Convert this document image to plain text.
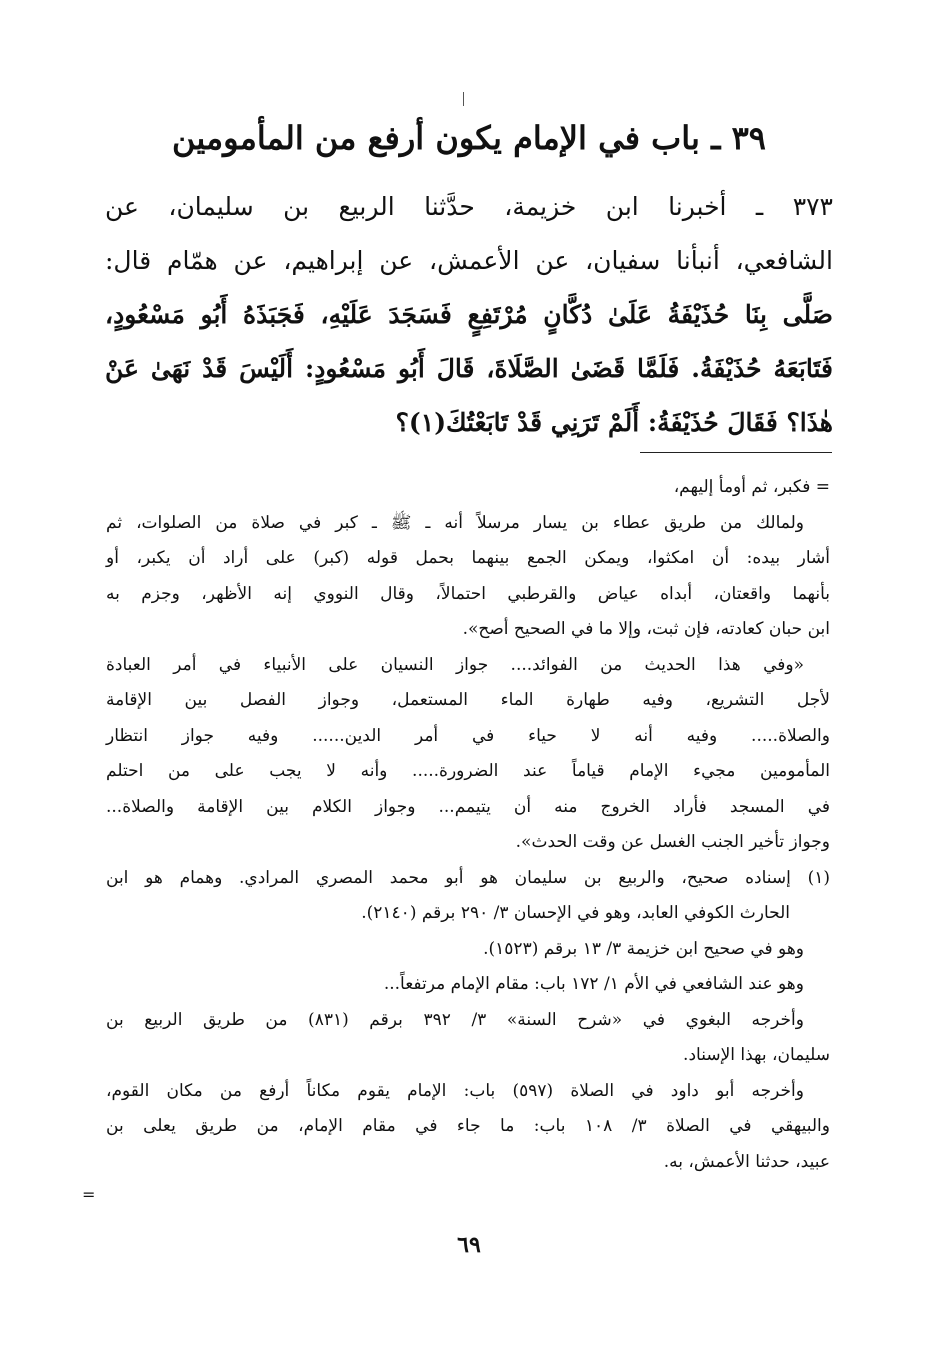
٣٩ ـ باب في الإمام يكون أرفع من المأمومين
٣٧٣ ـ أخبرنا ابن خزيمة، حدَّثنا الربيع بن سليمان، عن
الشافعي، أنبأنا سفيان، عن الأعمش، عن إبراهيم، عن همّام قال:
صَلَّى بِنَا حُذَيْفَةُ عَلَىٰ دُكَّانٍ مُرْتَفِعٍ فَسَجَدَ عَلَيْهِ، فَجَبَذَهُ أَبُو مَسْعُودٍ،
فَتَابَعَهُ حُذَيْفَةُ. فَلَمَّا قَضَىٰ الصَّلَاةَ، قَالَ أَبُو مَسْعُودٍ: أَلَيْسَ قَدْ نَهَىٰ عَنْ
هٰذَا؟ فَقَالَ حُذَيْفَةُ: أَلَمْ تَرَنِي قَدْ تَابَعْتُكَ(١)؟
= فكبر، ثم أومأ إليهم،
ولمالك من طريق عطاء بن يسار مرسلاً أنه ـ ﷺ ـ كبر في صلاة من الصلوات، ثم
أشار بيده: أن امكثوا، ويمكن الجمع بينهما بحمل قوله (كبر) على أراد أن يكبر، أو
بأنهما واقعتان، أبداه عياض والقرطبي احتمالاً، وقال النووي إنه الأظهر، وجزم به
ابن حبان كعادته، فإن ثبت، وإلا ما في الصحيح أصح».
«وفي هذا الحديث من الفوائد.... جواز النسيان على الأنبياء في أمر العبادة
لأجل التشريع، وفيه طهارة الماء المستعمل، وجواز الفصل بين الإقامة
والصلاة..... وفيه أنه لا حياء في أمر الدين...... وفيه جواز انتظار
المأمومين مجيء الإمام قياماً عند الضرورة..... وأنه لا يجب على من احتلم
في المسجد فأراد الخروج منه أن يتيمم... وجواز الكلام بين الإقامة والصلاة...
وجواز تأخير الجنب الغسل عن وقت الحدث».
(١) إسناده صحيح، والربيع بن سليمان هو أبو محمد المصري المرادي. وهمام هو ابن
الحارث الكوفي العابد، وهو في الإحسان ٣/ ٢٩٠ برقم (٢١٤٠).
وهو في صحيح ابن خزيمة ٣/ ١٣ برقم (١٥٢٣).
وهو عند الشافعي في الأم ١/ ١٧٢ باب: مقام الإمام مرتفعاً...
وأخرجه البغوي في «شرح السنة» ٣/ ٣٩٢ برقم (٨٣١) من طريق الربيع بن
سليمان، بهذا الإسناد.
وأخرجه أبو داود في الصلاة (٥٩٧) باب: الإمام يقوم مكاناً أرفع من مكان القوم،
والبيهقي في الصلاة ٣/ ١٠٨ باب: ما جاء في مقام الإمام، من طريق يعلى بن
عبيد، حدثنا الأعمش، به.
=
٦٩
